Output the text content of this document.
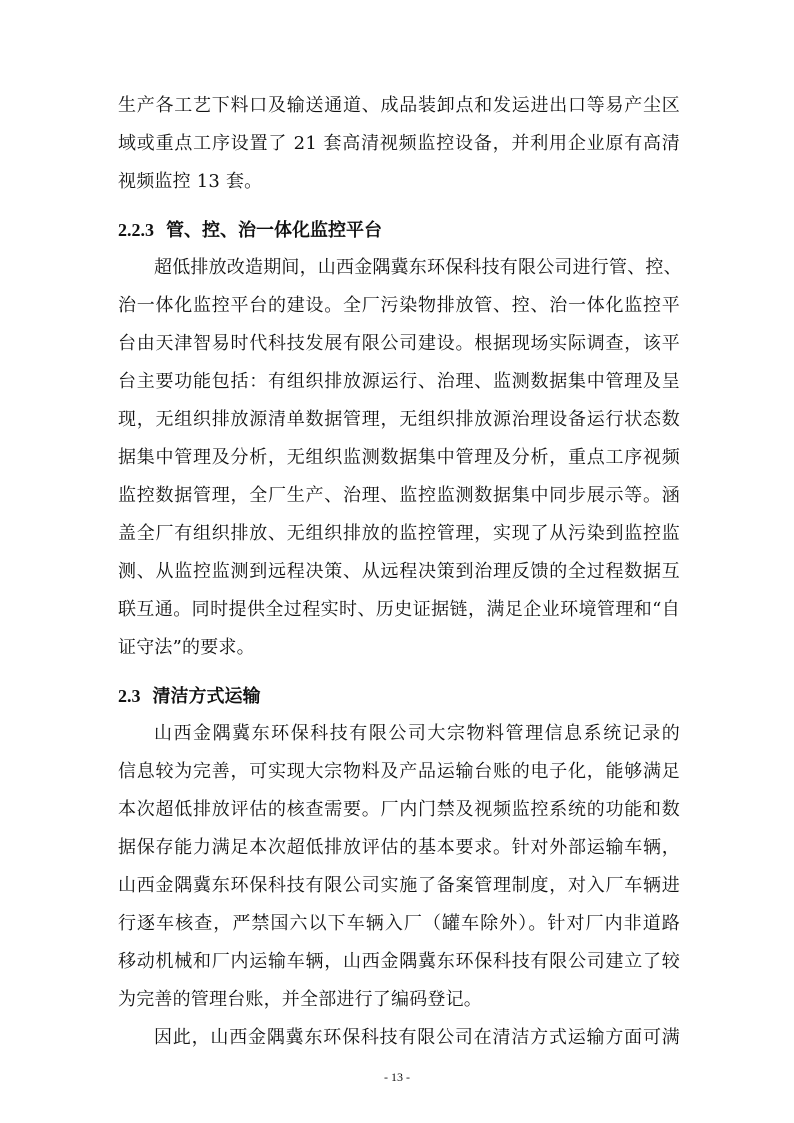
生产各工艺下料口及输送通道、成品装卸点和发运进出口等易产尘区
域或重点工序设置了 21 套高清视频监控设备，并利用企业原有高清
视频监控 13 套。
2.2.3 管、控、治一体化监控平台
超低排放改造期间，山西金隅冀东环保科技有限公司进行管、控、
治一体化监控平台的建设。全厂污染物排放管、控、治一体化监控平
台由天津智易时代科技发展有限公司建设。根据现场实际调查，该平
台主要功能包括：有组织排放源运行、治理、监测数据集中管理及呈
现，无组织排放源清单数据管理，无组织排放源治理设备运行状态数
据集中管理及分析，无组织监测数据集中管理及分析，重点工序视频
监控数据管理，全厂生产、治理、监控监测数据集中同步展示等。涵
盖全厂有组织排放、无组织排放的监控管理，实现了从污染到监控监
测、从监控监测到远程决策、从远程决策到治理反馈的全过程数据互
联互通。同时提供全过程实时、历史证据链，满足企业环境管理和“自
证守法”的要求。
2.3 清洁方式运输
山西金隅冀东环保科技有限公司大宗物料管理信息系统记录的
信息较为完善，可实现大宗物料及产品运输台账的电子化，能够满足
本次超低排放评估的核查需要。厂内门禁及视频监控系统的功能和数
据保存能力满足本次超低排放评估的基本要求。针对外部运输车辆，
山西金隅冀东环保科技有限公司实施了备案管理制度，对入厂车辆进
行逐车核查，严禁国六以下车辆入厂（罐车除外）。针对厂内非道路
移动机械和厂内运输车辆，山西金隅冀东环保科技有限公司建立了较
为完善的管理台账，并全部进行了编码登记。
因此，山西金隅冀东环保科技有限公司在清洁方式运输方面可满
- 13 -
